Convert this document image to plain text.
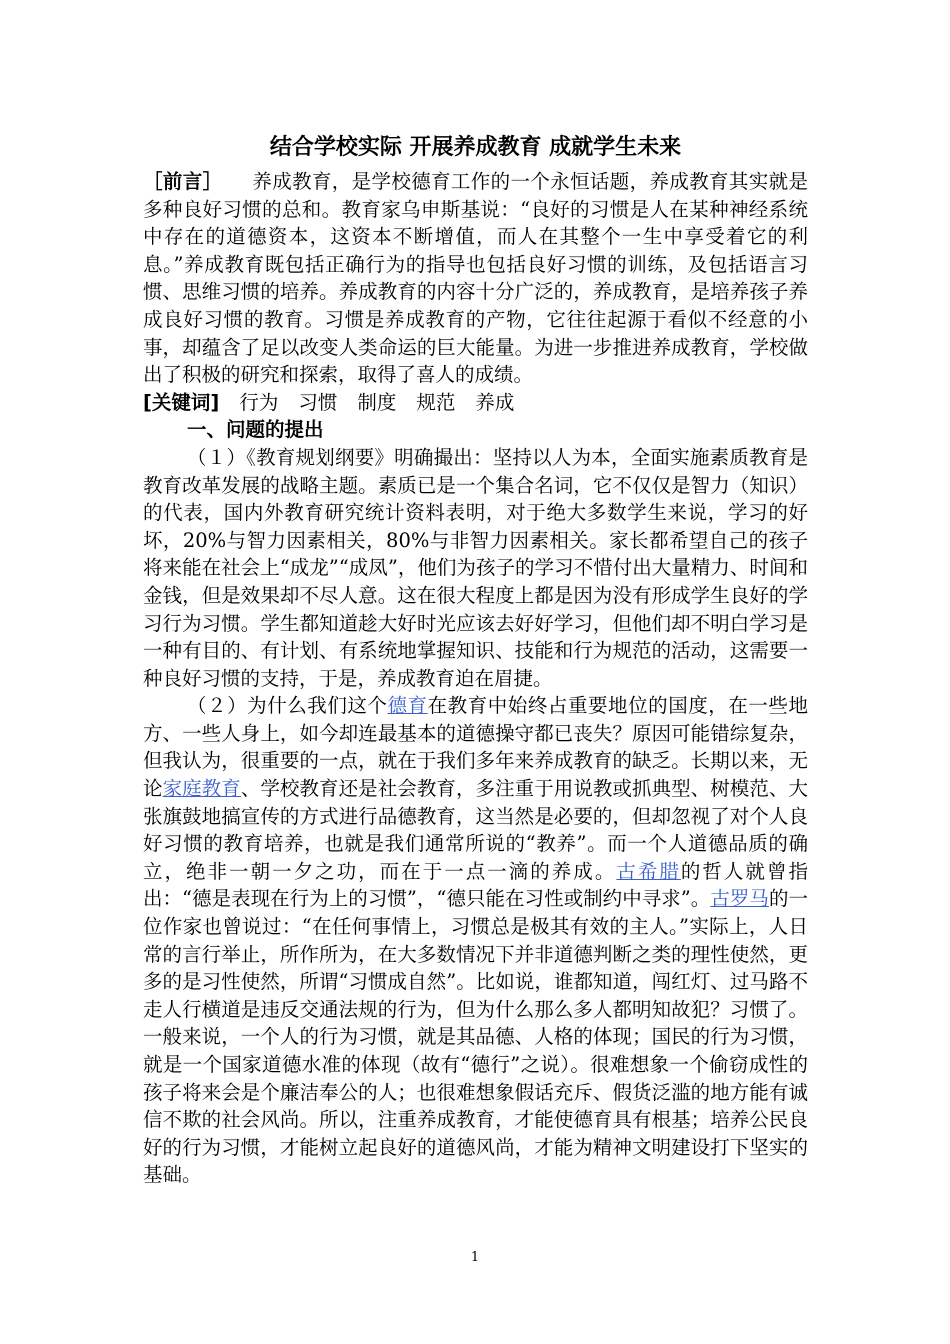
结合学校实际 开展养成教育 成就学生未来

［前言］　　养成教育，是学校德育工作的一个永恒话题，养成教育其实就是多种良好习惯的总和。教育家乌申斯基说：“良好的习惯是人在某种神经系统中存在的道德资本，这资本不断增值，而人在其整个一生中享受着它的利息。”养成教育既包括正确行为的指导也包括良好习惯的训练，及包括语言习惯、思维习惯的培养。养成教育的内容十分广泛的，养成教育，是培养孩子养成良好习惯的教育。习惯是养成教育的产物，它往往起源于看似不经意的小事，却蕴含了足以改变人类命运的巨大能量。为进一步推进养成教育，学校做出了积极的研究和探索，取得了喜人的成绩。

[关键词] 行为 习惯 制度 规范 养成

一、问题的提出

（１）《教育规划纲要》明确撮出：坚持以人为本，全面实施素质教育是教育改革发展的战略主题。素质已是一个集合名词，它不仅仅是智力（知识）的代表，国内外教育研究统计资料表明，对于绝大多数学生来说，学习的好坏，20%与智力因素相关，80%与非智力因素相关。家长都希望自己的孩子将来能在社会上“成龙”“成凤”，他们为孩子的学习不惜付出大量精力、时间和金钱，但是效果却不尽人意。这在很大程度上都是因为没有形成学生良好的学习行为习惯。学生都知道趁大好时光应该去好好学习，但他们却不明白学习是一种有目的、有计划、有系统地掌握知识、技能和行为规范的活动，这需要一种良好习惯的支持，于是，养成教育迫在眉捷。

（２）为什么我们这个德育在教育中始终占重要地位的国度，在一些地方、一些人身上，如今却连最基本的道德操守都已丧失？原因可能错综复杂，但我认为，很重要的一点，就在于我们多年来养成教育的缺乏。长期以来，无论家庭教育、学校教育还是社会教育，多注重于用说教或抓典型、树模范、大张旗鼓地搞宣传的方式进行品德教育，这当然是必要的，但却忽视了对个人良好习惯的教育培养，也就是我们通常所说的“教养”。而一个人道德品质的确立，绝非一朝一夕之功，而在于一点一滴的养成。古希腊的哲人就曾指出：“德是表现在行为上的习惯”，“德只能在习性或制约中寻求”。古罗马的一位作家也曾说过：“在任何事情上，习惯总是极其有效的主人。”实际上，人日常的言行举止，所作所为，在大多数情况下并非道德判断之类的理性使然，更多的是习性使然，所谓“习惯成自然”。比如说，谁都知道，闯红灯、过马路不走人行横道是违反交通法规的行为，但为什么那么多人都明知故犯？习惯了。一般来说，一个人的行为习惯，就是其品德、人格的体现；国民的行为习惯，就是一个国家道德水准的体现（故有“德行”之说）。很难想象一个偷窃成性的孩子将来会是个廉洁奉公的人；也很难想象假话充斥、假货泛滥的地方能有诚信不欺的社会风尚。所以，注重养成教育，才能使德育具有根基；培养公民良好的行为习惯，才能树立起良好的道德风尚，才能为精神文明建设打下坚实的基础。

1
